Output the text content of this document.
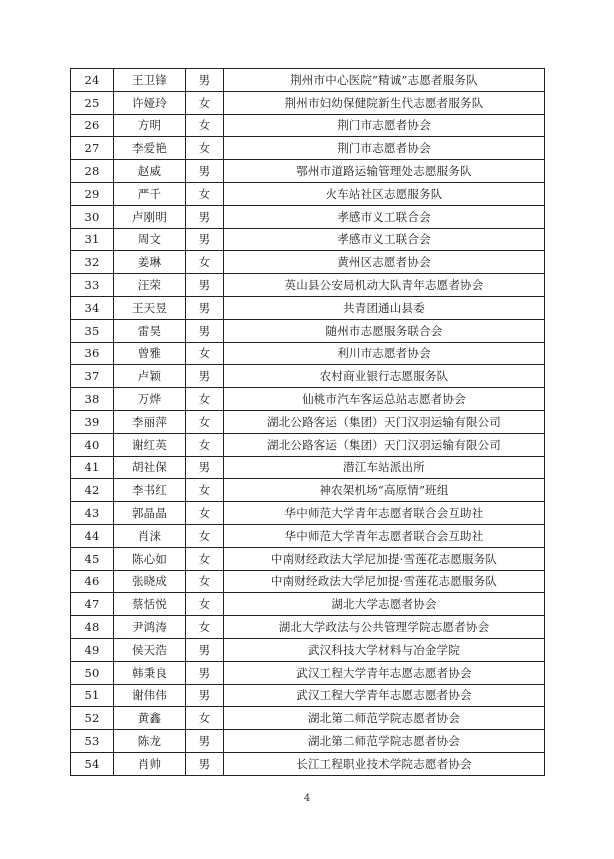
24	王卫锋	男	荆州市中心医院“精诚”志愿者服务队
25	许娅玲	女	荆州市妇幼保健院新生代志愿者服务队
26	方明	女	荆门市志愿者协会
27	李爱艳	女	荆门市志愿者协会
28	赵威	男	鄂州市道路运输管理处志愿服务队
29	严千	女	火车站社区志愿服务队
30	卢刚明	男	孝感市义工联合会
31	周文	男	孝感市义工联合会
32	姜琳	女	黄州区志愿者协会
33	汪荣	男	英山县公安局机动大队青年志愿者协会
34	王天昱	男	共青团通山县委
35	雷昊	男	随州市志愿服务联合会
36	曾雅	女	利川市志愿者协会
37	卢颖	男	农村商业银行志愿服务队
38	万烨	女	仙桃市汽车客运总站志愿者协会
39	李丽萍	女	湖北公路客运（集团）天门汉羽运输有限公司
40	谢红英	女	湖北公路客运（集团）天门汉羽运输有限公司
41	胡社保	男	潜江车站派出所
42	李书红	女	神农架机场“高原情”班组
43	郭晶晶	女	华中师范大学青年志愿者联合会互助社
44	肖涞	女	华中师范大学青年志愿者联合会互助社
45	陈心如	女	中南财经政法大学尼加提·雪莲花志愿服务队
46	张晓成	女	中南财经政法大学尼加提·雪莲花志愿服务队
47	蔡恬悦	女	湖北大学志愿者协会
48	尹鸿涛	女	湖北大学政法与公共管理学院志愿者协会
49	侯天浩	男	武汉科技大学材料与冶金学院
50	韩秉良	男	武汉工程大学青年志愿志愿者协会
51	谢伟伟	男	武汉工程大学青年志愿志愿者协会
52	黄鑫	女	湖北第二师范学院志愿者协会
53	陈龙	男	湖北第二师范学院志愿者协会
54	肖帅	男	长江工程职业技术学院志愿者协会
4
